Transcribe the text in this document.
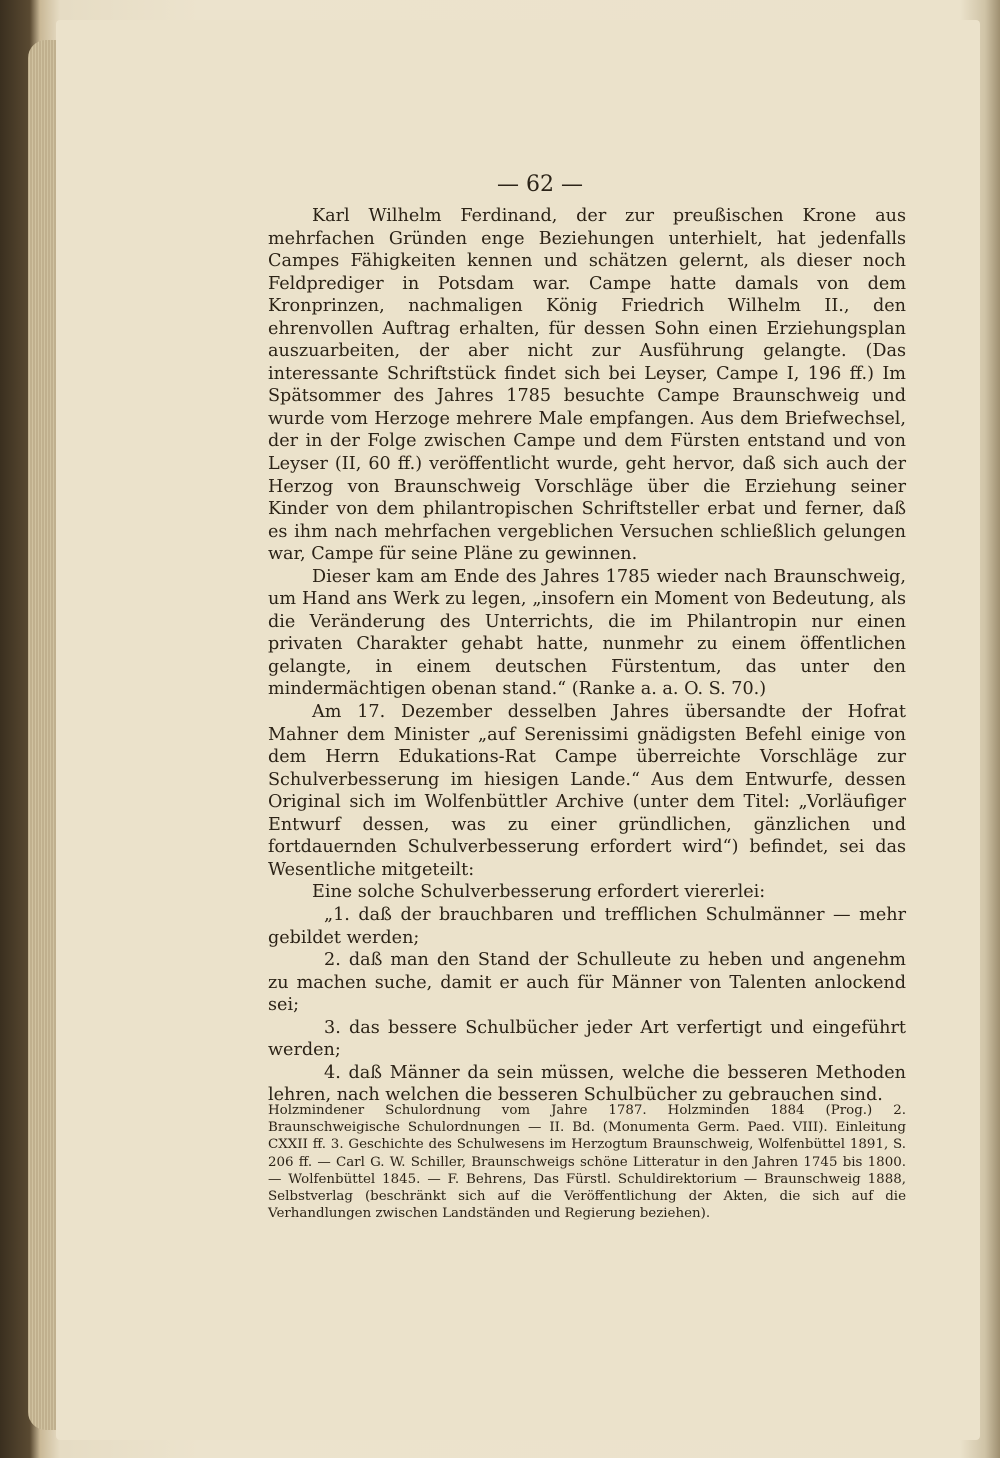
— 62 —

Karl Wilhelm Ferdinand, der zur preußischen Krone aus mehrfachen Gründen enge Beziehungen unterhielt, hat jedenfalls Campes Fähigkeiten kennen und schätzen gelernt, als dieser noch Feldprediger in Potsdam war. Campe hatte damals von dem Kronprinzen, nachmaligen König Friedrich Wilhelm II., den ehrenvollen Auftrag erhalten, für dessen Sohn einen Erziehungsplan auszuarbeiten, der aber nicht zur Ausführung gelangte. (Das interessante Schriftstück findet sich bei Leyser, Campe I, 196 ff.) Im Spätsommer des Jahres 1785 besuchte Campe Braunschweig und wurde vom Herzoge mehrere Male empfangen. Aus dem Briefwechsel, der in der Folge zwischen Campe und dem Fürsten entstand und von Leyser (II, 60 ff.) veröffentlicht wurde, geht hervor, daß sich auch der Herzog von Braunschweig Vorschläge über die Erziehung seiner Kinder von dem philantropischen Schriftsteller erbat und ferner, daß es ihm nach mehrfachen vergeblichen Versuchen schließlich gelungen war, Campe für seine Pläne zu gewinnen.

Dieser kam am Ende des Jahres 1785 wieder nach Braunschweig, um Hand ans Werk zu legen, „insofern ein Moment von Bedeutung, als die Veränderung des Unterrichts, die im Philantropin nur einen privaten Charakter gehabt hatte, nunmehr zu einem öffentlichen gelangte, in einem deutschen Fürstentum, das unter den mindermächtigen obenan stand.“ (Ranke a. a. O. S. 70.)

Am 17. Dezember desselben Jahres übersandte der Hofrat Mahner dem Minister „auf Serenissimi gnädigsten Befehl einige von dem Herrn Edukations-Rat Campe überreichte Vorschläge zur Schulverbesserung im hiesigen Lande.“ Aus dem Entwurfe, dessen Original sich im Wolfenbüttler Archive (unter dem Titel: „Vorläufiger Entwurf dessen, was zu einer gründlichen, gänzlichen und fortdauernden Schulverbesserung erfordert wird“) befindet, sei das Wesentliche mitgeteilt:

Eine solche Schulverbesserung erfordert viererlei:

„1. daß der brauchbaren und trefflichen Schulmänner — mehr gebildet werden;

2. daß man den Stand der Schulleute zu heben und angenehm zu machen suche, damit er auch für Männer von Talenten anlockend sei;

3. das bessere Schulbücher jeder Art verfertigt und eingeführt werden;

4. daß Männer da sein müssen, welche die besseren Methoden lehren, nach welchen die besseren Schulbücher zu gebrauchen sind.

Holzmindener Schulordnung vom Jahre 1787. Holzminden 1884 (Prog.) 2. Braunschweigische Schulordnungen — II. Bd. (Monumenta Germ. Paed. VIII). Einleitung CXXII ff. 3. Geschichte des Schulwesens im Herzogtum Braunschweig, Wolfenbüttel 1891, S. 206 ff. — Carl G. W. Schiller, Braunschweigs schöne Litteratur in den Jahren 1745 bis 1800. — Wolfenbüttel 1845. — F. Behrens, Das Fürstl. Schuldirektorium — Braunschweig 1888, Selbstverlag (beschränkt sich auf die Veröffentlichung der Akten, die sich auf die Verhandlungen zwischen Landständen und Regierung beziehen).
